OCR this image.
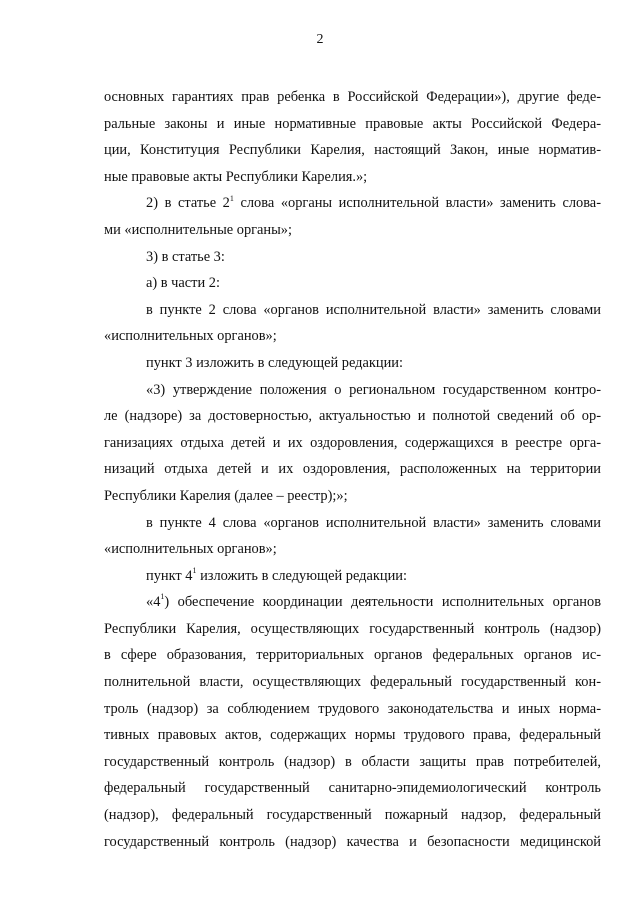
2
основных гарантиях прав ребенка в Российской Федерации»), другие феде-
ральные законы и иные нормативные правовые акты Российской Федера-
ции, Конституция Республики Карелия, настоящий Закон, иные норматив-
ные правовые акты Республики Карелия.»;
2) в статье $2^1$ слова «органы исполнительной власти» заменить слова-
ми «исполнительные органы»;
3) в статье 3:
а) в части 2:
в пункте 2 слова «органов исполнительной власти» заменить словами
«исполнительных органов»;
пункт 3 изложить в следующей редакции:
«3) утверждение положения о региональном государственном контро-
ле (надзоре) за достоверностью, актуальностью и полнотой сведений об ор-
ганизациях отдыха детей и их оздоровления, содержащихся в реестре орга-
низаций отдыха детей и их оздоровления, расположенных на территории
Республики Карелия (далее – реестр);»;
в пункте 4 слова «органов исполнительной власти» заменить словами
«исполнительных органов»;
пункт $4^1$ изложить в следующей редакции:
«$4^1$) обеспечение координации деятельности исполнительных органов
Республики Карелия, осуществляющих государственный контроль (надзор)
в сфере образования, территориальных органов федеральных органов ис-
полнительной власти, осуществляющих федеральный государственный кон-
троль (надзор) за соблюдением трудового законодательства и иных норма-
тивных правовых актов, содержащих нормы трудового права, федеральный
государственный контроль (надзор) в области защиты прав потребителей,
федеральный государственный санитарно-эпидемиологический контроль
(надзор), федеральный государственный пожарный надзор, федеральный
государственный контроль (надзор) качества и безопасности медицинской
